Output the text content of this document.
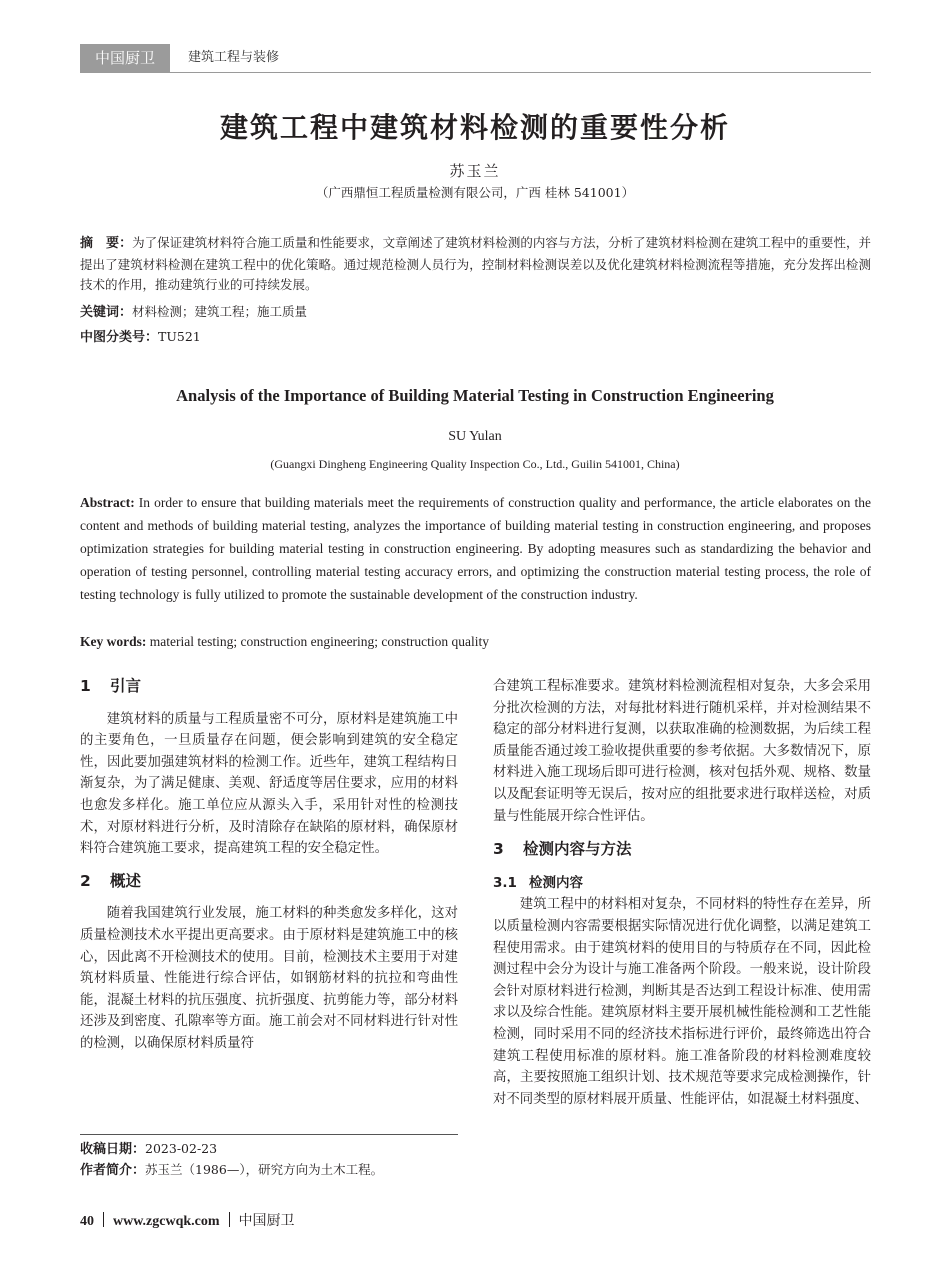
中国厨卫	建筑工程与装修
建筑工程中建筑材料检测的重要性分析
苏玉兰
（广西鼎恒工程质量检测有限公司，广西 桂林 541001）
摘　要：为了保证建筑材料符合施工质量和性能要求，文章阐述了建筑材料检测的内容与方法，分析了建筑材料检测在建筑工程中的重要性，并提出了建筑材料检测在建筑工程中的优化策略。通过规范检测人员行为，控制材料检测误差以及优化建筑材料检测流程等措施，充分发挥出检测技术的作用，推动建筑行业的可持续发展。
关键词：材料检测；建筑工程；施工质量
中图分类号：TU521
Analysis of the Importance of Building Material Testing in Construction Engineering
SU Yulan
(Guangxi Dingheng Engineering Quality Inspection Co., Ltd., Guilin 541001, China)
Abstract: In order to ensure that building materials meet the requirements of construction quality and performance, the article elaborates on the content and methods of building material testing, analyzes the importance of building material testing in construction engineering, and proposes optimization strategies for building material testing in construction engineering. By adopting measures such as standardizing the behavior and operation of testing personnel, controlling material testing accuracy errors, and optimizing the construction material testing process, the role of testing technology is fully utilized to promote the sustainable development of the construction industry.
Key words: material testing; construction engineering; construction quality
1 引言

建筑材料的质量与工程质量密不可分，原材料是建筑施工中的主要角色，一旦质量存在问题，便会影响到建筑的安全稳定性，因此要加强建筑材料的检测工作。近些年，建筑工程结构日渐复杂，为了满足健康、美观、舒适度等居住要求，应用的材料也愈发多样化。施工单位应从源头入手，采用针对性的检测技术，对原材料进行分析，及时清除存在缺陷的原材料，确保原材料符合建筑施工要求，提高建筑工程的安全稳定性。

2 概述

随着我国建筑行业发展，施工材料的种类愈发多样化，这对质量检测技术水平提出更高要求。由于原材料是建筑施工中的核心，因此离不开检测技术的使用。目前，检测技术主要用于对建筑材料质量、性能进行综合评估，如钢筋材料的抗拉和弯曲性能，混凝土材料的抗压强度、抗折强度、抗剪能力等，部分材料还涉及到密度、孔隙率等方面。施工前会对不同材料进行针对性的检测，以确保原材料质量符

合建筑工程标准要求。建筑材料检测流程相对复杂，大多会采用分批次检测的方法，对每批材料进行随机采样，并对检测结果不稳定的部分材料进行复测，以获取准确的检测数据，为后续工程质量能否通过竣工验收提供重要的参考依据。大多数情况下，原材料进入施工现场后即可进行检测，核对包括外观、规格、数量以及配套证明等无误后，按对应的组批要求进行取样送检，对质量与性能展开综合性评估。

3 检测内容与方法
3.1 检测内容

建筑工程中的材料相对复杂，不同材料的特性存在差异，所以质量检测内容需要根据实际情况进行优化调整，以满足建筑工程使用需求。由于建筑材料的使用目的与特质存在不同，因此检测过程中会分为设计与施工准备两个阶段。一般来说，设计阶段会针对原材料进行检测，判断其是否达到工程设计标准、使用需求以及综合性能。建筑原材料主要开展机械性能检测和工艺性能检测，同时采用不同的经济技术指标进行评价，最终筛选出符合建筑工程使用标准的原材料。施工准备阶段的材料检测难度较高，主要按照施工组织计划、技术规范等要求完成检测操作，针对不同类型的原材料展开质量、性能评估，如混凝土材料强度、

收稿日期：2023-02-23
作者简介：苏玉兰（1986—），研究方向为土木工程。
40 www.zgcwqk.com 中国厨卫
